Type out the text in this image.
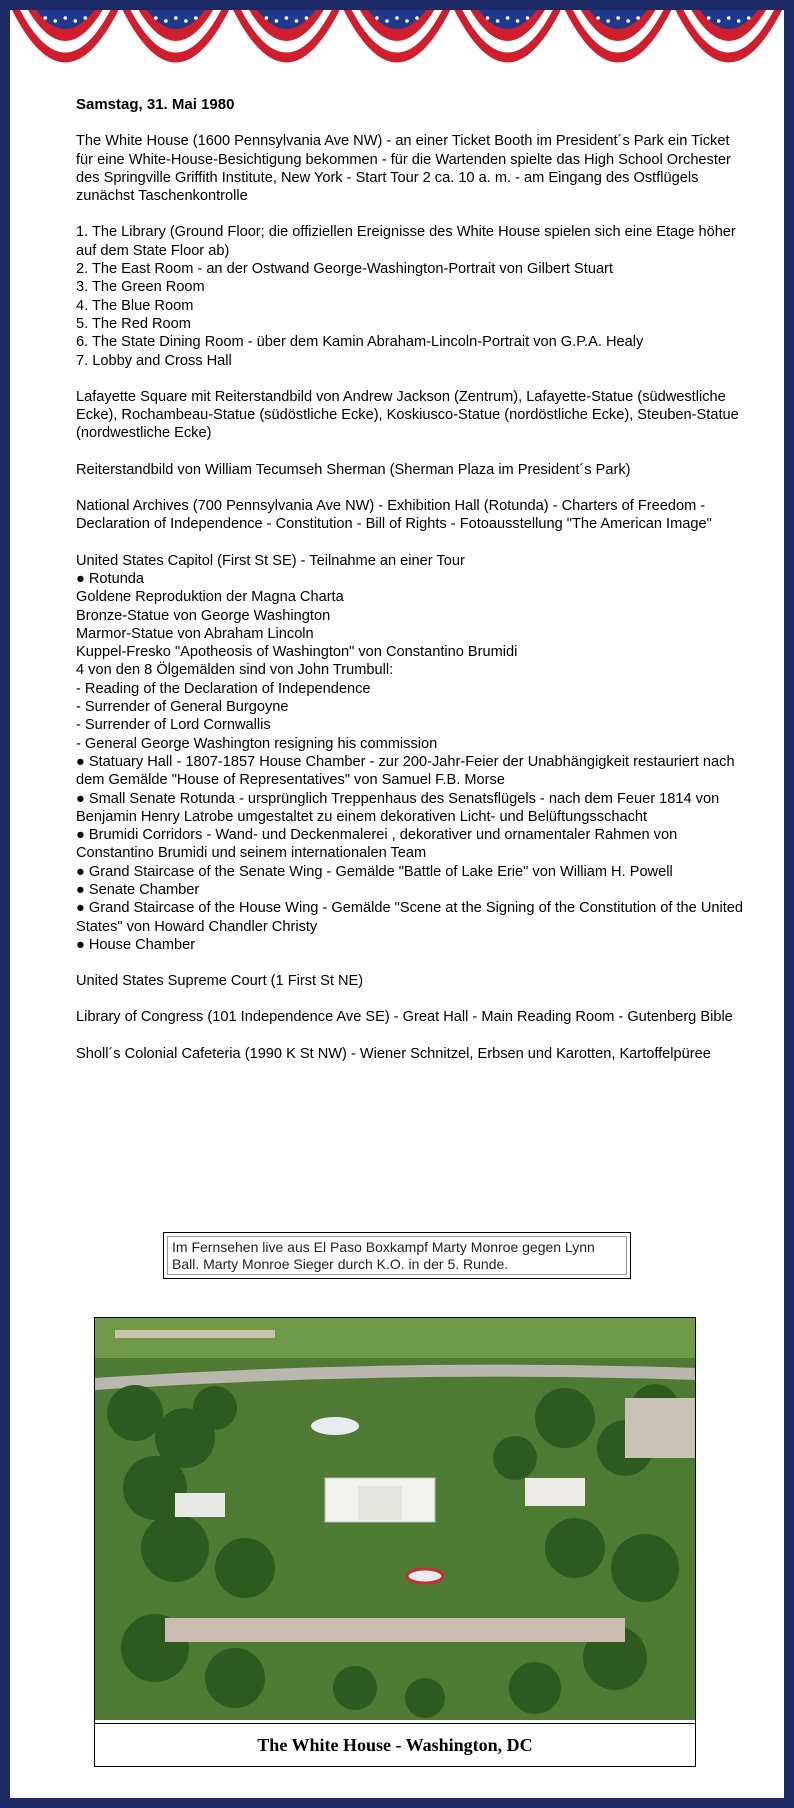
Samstag, 31. Mai 1980
The White House (1600 Pennsylvania Ave NW) - an einer Ticket Booth im President´s Park ein Ticket für eine White-House-Besichtigung bekommen - für die Wartenden spielte das High School Orchester des Springville Griffith Institute, New York - Start Tour 2 ca. 10 a. m. - am Eingang des Ostflügels zunächst Taschenkontrolle
1. The Library (Ground Floor; die offiziellen Ereignisse des White House spielen sich eine Etage höher auf dem State Floor ab)
2. The East Room - an der Ostwand George-Washington-Portrait von Gilbert Stuart
3. The Green Room
4. The Blue Room
5. The Red Room
6. The State Dining Room - über dem Kamin Abraham-Lincoln-Portrait von G.P.A. Healy
7. Lobby and Cross Hall
Lafayette Square mit Reiterstandbild von Andrew Jackson (Zentrum), Lafayette-Statue (südwestliche Ecke), Rochambeau-Statue (südöstliche Ecke), Koskiusco-Statue (nordöstliche Ecke), Steuben-Statue (nordwestliche Ecke)
Reiterstandbild von William Tecumseh Sherman (Sherman Plaza im President´s Park)
National Archives (700 Pennsylvania Ave NW) - Exhibition Hall (Rotunda) - Charters of Freedom - Declaration of Independence - Constitution - Bill of Rights - Fotoausstellung "The American Image"
United States Capitol (First St SE) - Teilnahme an einer Tour
● Rotunda
Goldene Reproduktion der Magna Charta
Bronze-Statue von George Washington
Marmor-Statue von Abraham Lincoln
Kuppel-Fresko "Apotheosis of Washington" von Constantino Brumidi
4 von den 8 Ölgemälden sind von John Trumbull:
- Reading of the Declaration of Independence
- Surrender of General Burgoyne
- Surrender of Lord Cornwallis
- General George Washington resigning his commission
● Statuary Hall - 1807-1857 House Chamber - zur 200-Jahr-Feier der Unabhängigkeit restauriert nach dem Gemälde "House of Representatives" von Samuel F.B. Morse
● Small Senate Rotunda - ursprünglich Treppenhaus des Senatsflügels - nach dem Feuer 1814 von Benjamin Henry Latrobe umgestaltet zu einem dekorativen Licht- und Belüftungsschacht
● Brumidi Corridors - Wand- und Deckenmalerei , dekorativer und ornamentaler Rahmen von Constantino Brumidi und seinem internationalen Team
● Grand Staircase of the Senate Wing - Gemälde "Battle of Lake Erie" von William H. Powell
● Senate Chamber
● Grand Staircase of the House Wing - Gemälde "Scene at the Signing of the Constitution of the United States" von Howard Chandler Christy
● House Chamber
United States Supreme Court (1 First St NE)
Library of Congress (101 Independence Ave SE) - Great Hall - Main Reading Room - Gutenberg Bible
Sholl´s Colonial Cafeteria (1990 K St NW) - Wiener Schnitzel, Erbsen und Karotten, Kartoffelpüree
Im Fernsehen live aus El Paso Boxkampf Marty Monroe gegen Lynn Ball. Marty Monroe Sieger durch K.O. in der 5. Runde.
The White House - Washington, DC
